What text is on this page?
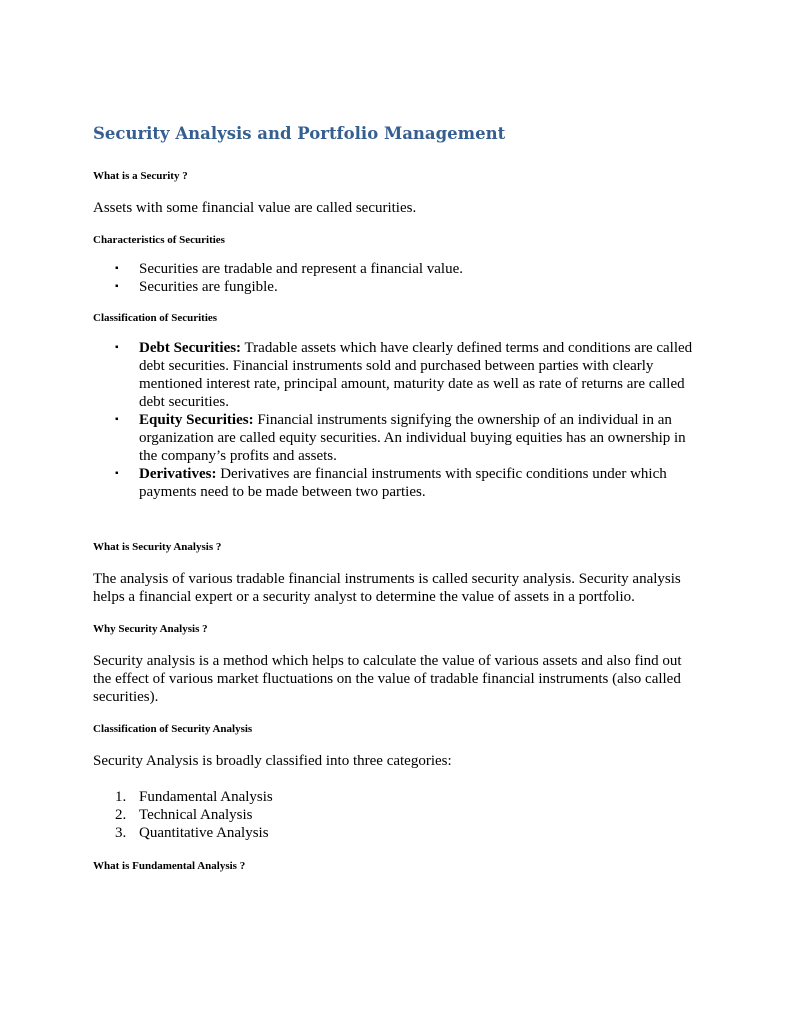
Security Analysis and Portfolio Management

What is a Security ?

Assets with some financial value are called securities.

Characteristics of Securities

▪ Securities are tradable and represent a financial value.
▪ Securities are fungible.

Classification of Securities

▪ Debt Securities: Tradable assets which have clearly defined terms and conditions are called debt securities. Financial instruments sold and purchased between parties with clearly mentioned interest rate, principal amount, maturity date as well as rate of returns are called debt securities.
▪ Equity Securities: Financial instruments signifying the ownership of an individual in an organization are called equity securities. An individual buying equities has an ownership in the company’s profits and assets.
▪ Derivatives: Derivatives are financial instruments with specific conditions under which payments need to be made between two parties.

What is Security Analysis ?

The analysis of various tradable financial instruments is called security analysis. Security analysis helps a financial expert or a security analyst to determine the value of assets in a portfolio.

Why Security Analysis ?

Security analysis is a method which helps to calculate the value of various assets and also find out the effect of various market fluctuations on the value of tradable financial instruments (also called securities).

Classification of Security Analysis

Security Analysis is broadly classified into three categories:

1. Fundamental Analysis
2. Technical Analysis
3. Quantitative Analysis

What is Fundamental Analysis ?
